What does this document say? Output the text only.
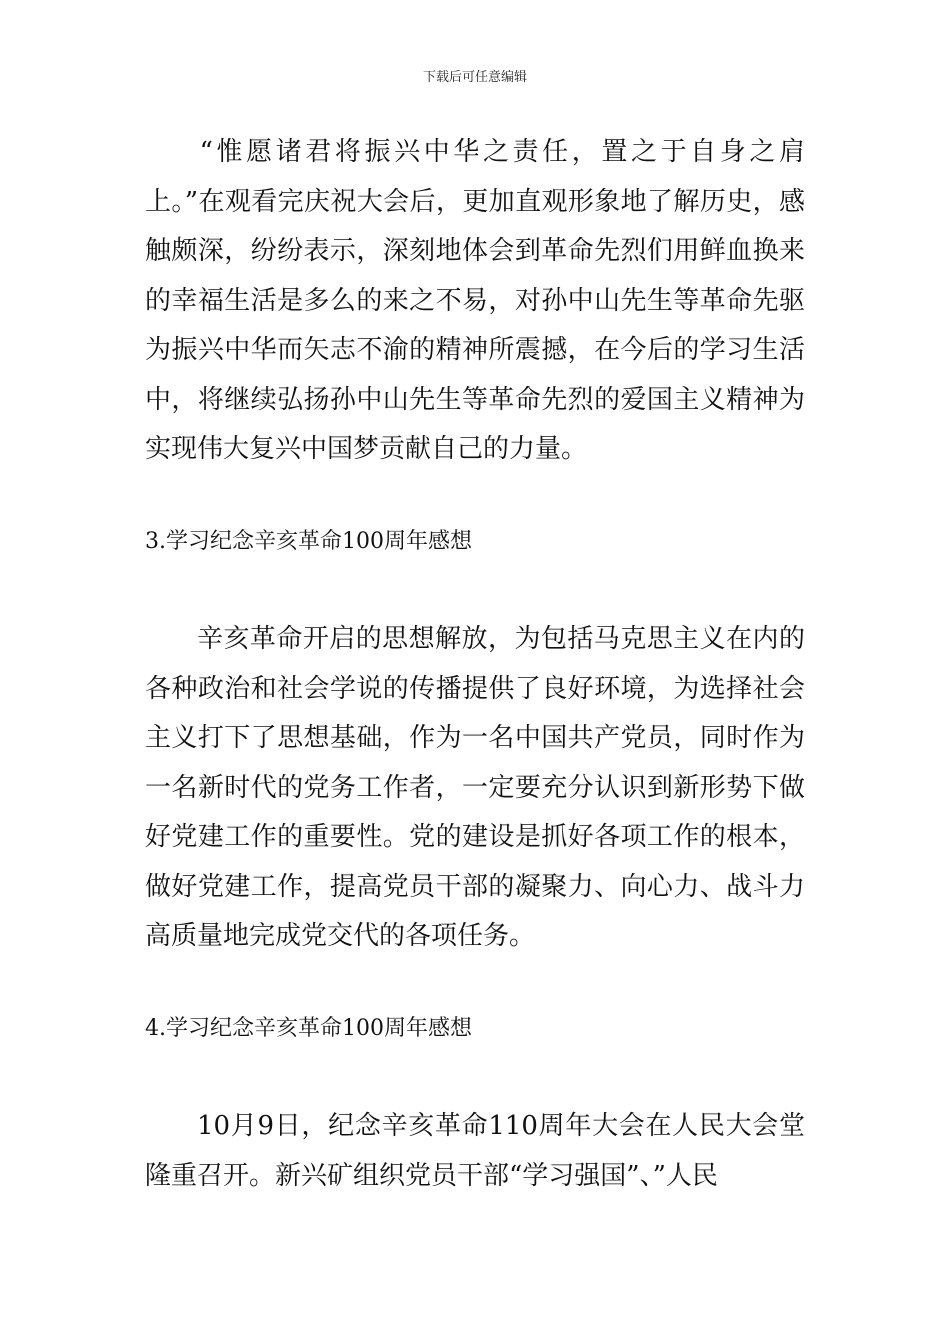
下载后可任意编辑

“惟愿诸君将振兴中华之责任，置之于自身之肩上。”在观看完庆祝大会后，更加直观形象地了解历史，感触颇深，纷纷表示，深刻地体会到革命先烈们用鲜血换来的幸福生活是多么的来之不易，对孙中山先生等革命先驱为振兴中华而矢志不渝的精神所震撼，在今后的学习生活中，将继续弘扬孙中山先生等革命先烈的爱国主义精神为实现伟大复兴中国梦贡献自己的力量。

3.学习纪念辛亥革命100周年感想

辛亥革命开启的思想解放，为包括马克思主义在内的各种政治和社会学说的传播提供了良好环境，为选择社会主义打下了思想基础，作为一名中国共产党员，同时作为一名新时代的党务工作者，一定要充分认识到新形势下做好党建工作的重要性。党的建设是抓好各项工作的根本，做好党建工作，提高党员干部的凝聚力、向心力、战斗力高质量地完成党交代的各项任务。

4.学习纪念辛亥革命100周年感想

10月9日，纪念辛亥革命110周年大会在人民大会堂隆重召开。新兴矿组织党员干部“学习强国”、”人民
